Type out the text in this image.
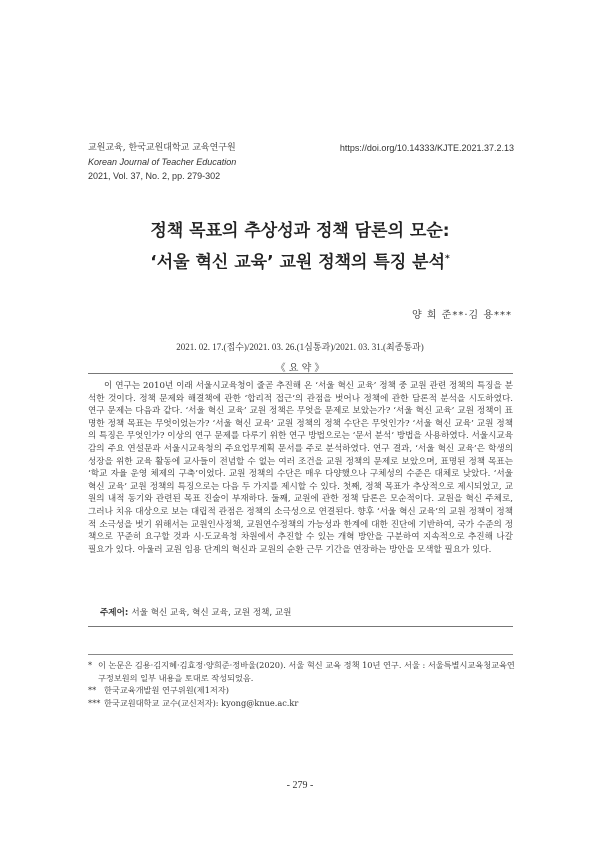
교원교육, 한국교원대학교 교육연구원
Korean Journal of Teacher Education
2021, Vol. 37, No. 2, pp. 279-302
https://doi.org/10.14333/KJTE.2021.37.2.13
정책 목표의 추상성과 정책 담론의 모순:
‘서울 혁신 교육’ 교원 정책의 특징 분석*
양 희 준**·김 용***
2021. 02. 17.(접수)/2021. 03. 26.(1심통과)/2021. 03. 31.(최종통과)
《 요 약 》
이 연구는 2010년 이래 서울시교육청이 줄곧 추진해 온 ‘서울 혁신 교육’ 정책 중 교원 관련 정책의 특징을 분석한 것이다. 정책 문제와 해결책에 관한 ‘합리적 접근’의 관점을 벗어나 정책에 관한 담론적 분석을 시도하였다. 연구 문제는 다음과 같다. ‘서울 혁신 교육’ 교원 정책은 무엇을 문제로 보았는가? ‘서울 혁신 교육’ 교원 정책이 표명한 정책 목표는 무엇이었는가? ‘서울 혁신 교육’ 교원 정책의 정책 수단은 무엇인가? ‘서울 혁신 교육’ 교원 정책의 특징은 무엇인가? 이상의 연구 문제를 다루기 위한 연구 방법으로는 ‘문서 분석’ 방법을 사용하였다. 서울시교육감의 주요 연설문과 서울시교육청의 주요업무계획 문서를 주로 분석하였다. 연구 결과, ‘서울 혁신 교육’은 학생의 성장을 위한 교육 활동에 교사들이 전념할 수 없는 여러 조건을 교원 정책의 문제로 보았으며, 표명된 정책 목표는 ‘학교 자율 운영 체제의 구축’이었다. 교원 정책의 수단은 매우 다양했으나 구체성의 수준은 대체로 낮았다. ‘서울 혁신 교육’ 교원 정책의 특징으로는 다음 두 가지를 제시할 수 있다. 첫째, 정책 목표가 추상적으로 제시되었고, 교원의 내적 동기와 관련된 목표 진술이 부재하다. 둘째, 교원에 관한 정책 담론은 모순적이다. 교원을 혁신 주체로, 그러나 치유 대상으로 보는 대립적 관점은 정책의 소극성으로 연결된다. 향후 ‘서울 혁신 교육’의 교원 정책이 정책적 소극성을 벗기 위해서는 교원인사정책, 교원연수정책의 가능성과 한계에 대한 진단에 기반하여, 국가 수준의 정책으로 꾸준히 요구할 것과 시·도교육청 차원에서 추진할 수 있는 개혁 방안을 구분하여 지속적으로 추진해 나갈 필요가 있다. 아울러 교원 임용 단계의 혁신과 교원의 순환 근무 기간을 연장하는 방안을 모색할 필요가 있다.
주제어: 서울 혁신 교육, 혁신 교육, 교원 정책, 교원
* 이 논문은 김용·김지혜·김효정·양희준·정바울(2020). 서울 혁신 교육 정책 10년 연구. 서울 : 서울특별시교육청교육연구정보원의 일부 내용을 토대로 작성되었음.
** 한국교육개발원 연구위원(제1저자)
*** 한국교원대학교 교수(교신저자): kyong@knue.ac.kr
- 279 -
